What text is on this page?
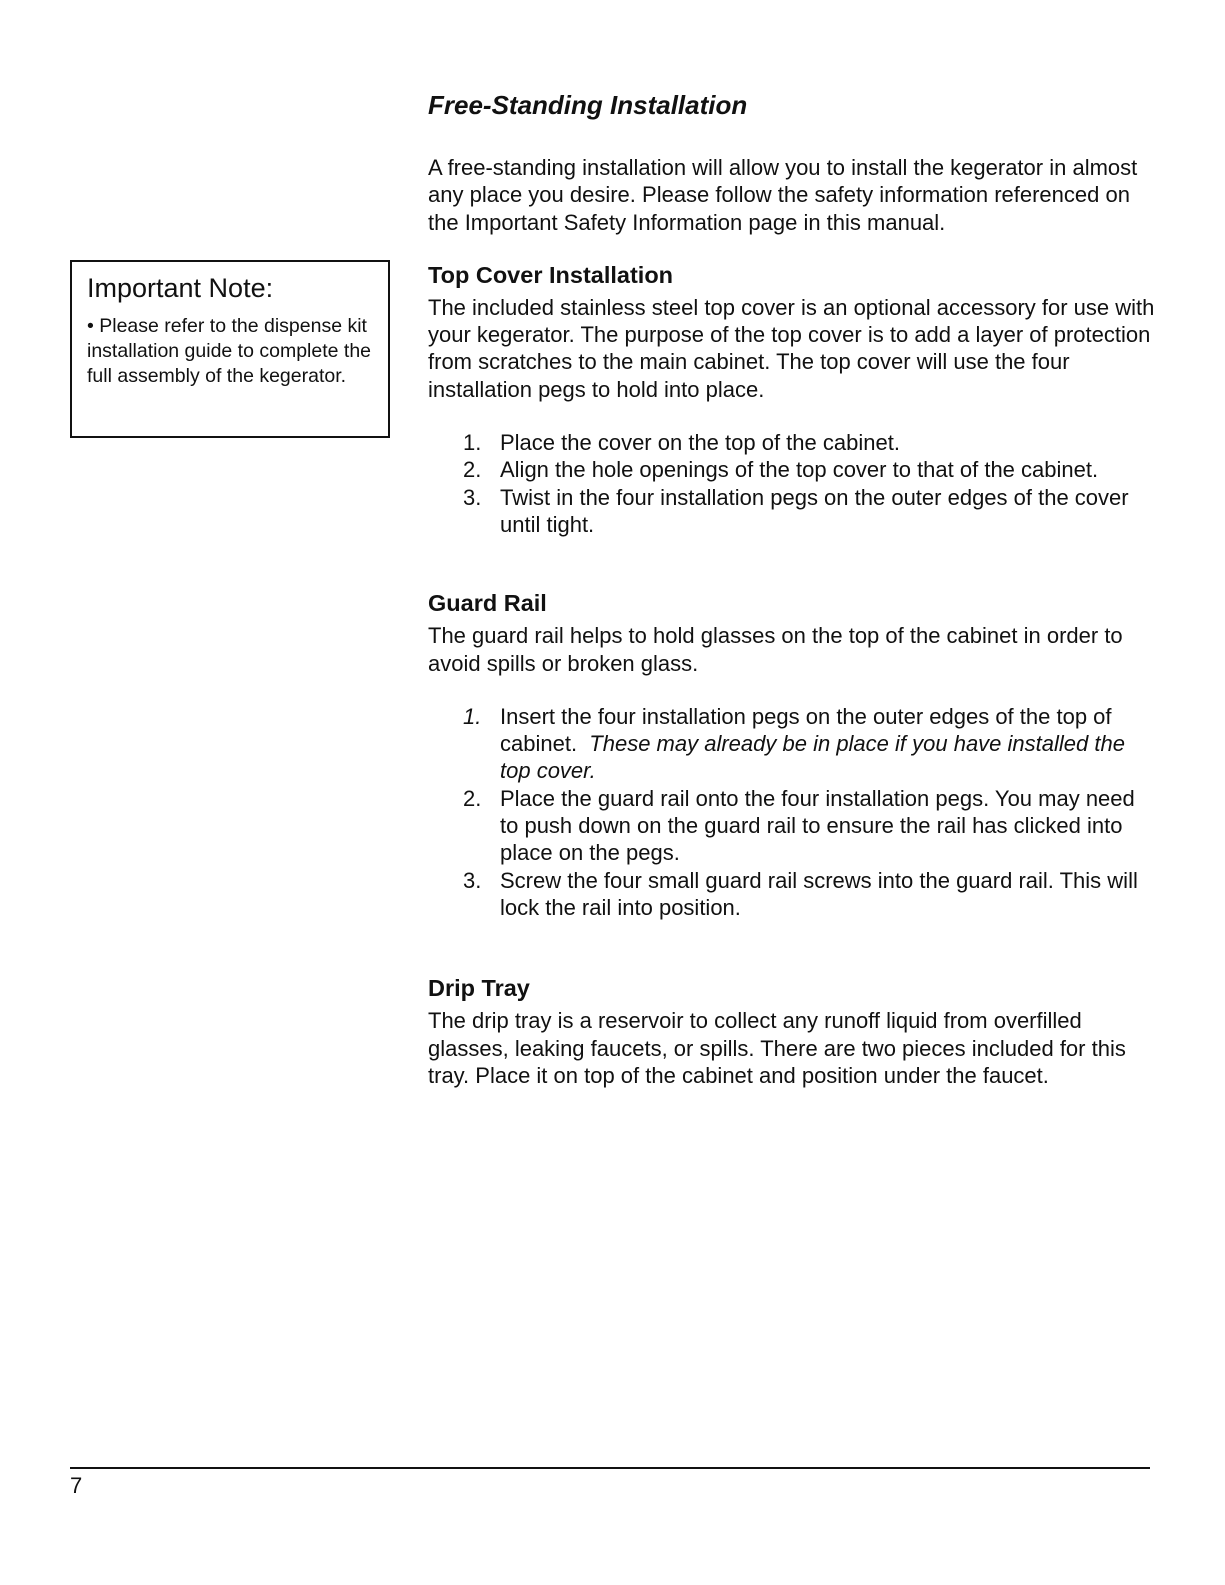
Important Note:
• Please refer to the dispense kit installation guide to complete the full assembly of the kegerator.
Free-Standing Installation

A free-standing installation will allow you to install the kegerator in almost any place you desire. Please follow the safety information referenced on the Important Safety Information page in this manual.

Top Cover Installation

The included stainless steel top cover is an optional accessory for use with your kegerator. The purpose of the top cover is to add a layer of protection from scratches to the main cabinet. The top cover will use the four installation pegs to hold into place.

1. Place the cover on the top of the cabinet.
2. Align the hole openings of the top cover to that of the cabinet.
3. Twist in the four installation pegs on the outer edges of the cover until tight.
Guard Rail

The guard rail helps to hold glasses on the top of the cabinet in order to avoid spills or broken glass.

1. Insert the four installation pegs on the outer edges of the top of cabinet. These may already be in place if you have installed the top cover.
2. Place the guard rail onto the four installation pegs. You may need to push down on the guard rail to ensure the rail has clicked into place on the pegs.
3. Screw the four small guard rail screws into the guard rail. This will lock the rail into position.
Drip Tray

The drip tray is a reservoir to collect any runoff liquid from overfilled glasses, leaking faucets, or spills. There are two pieces included for this tray. Place it on top of the cabinet and position under the faucet.

7
